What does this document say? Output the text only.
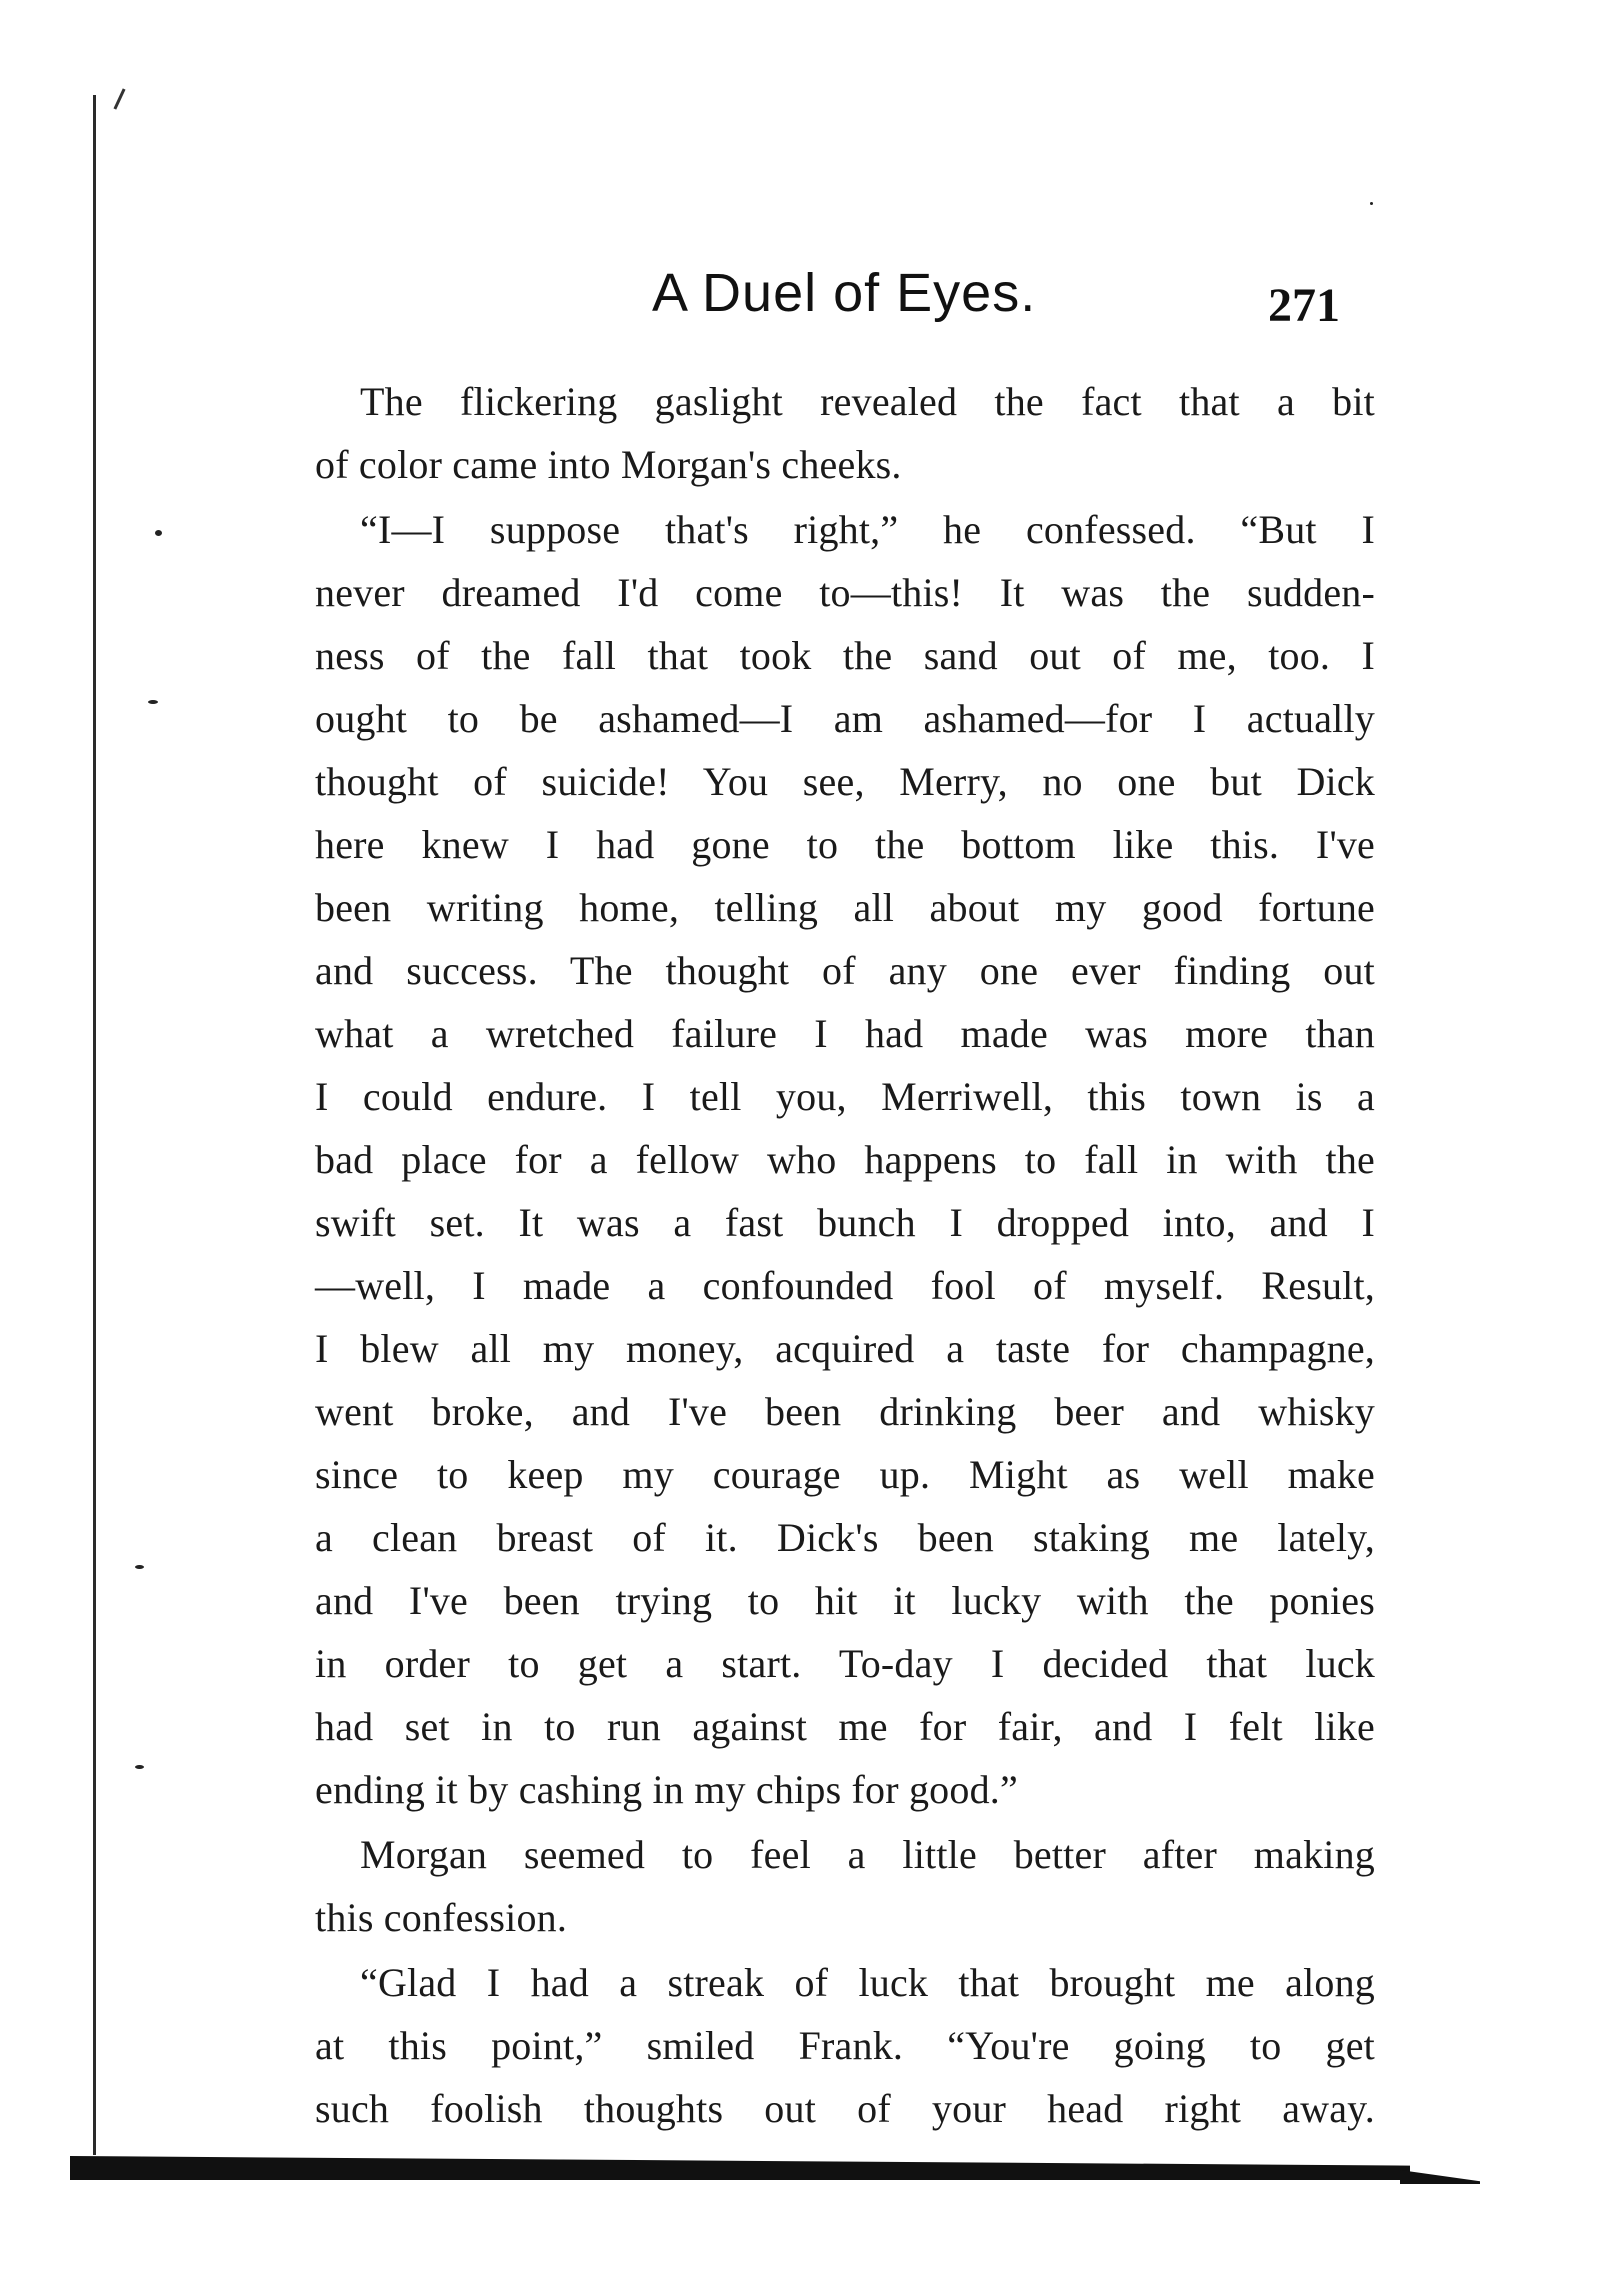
A Duel of Eyes.	271
The flickering gaslight revealed the fact that a bit
of color came into Morgan's cheeks.
“I—I suppose that's right,” he confessed. “But I
never dreamed I'd come to—this! It was the sudden-
ness of the fall that took the sand out of me, too. I
ought to be ashamed—I am ashamed—for I actually
thought of suicide! You see, Merry, no one but Dick
here knew I had gone to the bottom like this. I've
been writing home, telling all about my good fortune
and success. The thought of any one ever finding out
what a wretched failure I had made was more than
I could endure. I tell you, Merriwell, this town is a
bad place for a fellow who happens to fall in with the
swift set. It was a fast bunch I dropped into, and I
—well, I made a confounded fool of myself. Result,
I blew all my money, acquired a taste for champagne,
went broke, and I've been drinking beer and whisky
since to keep my courage up. Might as well make
a clean breast of it. Dick's been staking me lately,
and I've been trying to hit it lucky with the ponies
in order to get a start. To-day I decided that luck
had set in to run against me for fair, and I felt like
ending it by cashing in my chips for good.”
Morgan seemed to feel a little better after making
this confession.
“Glad I had a streak of luck that brought me along
at this point,” smiled Frank. “You're going to get
such foolish thoughts out of your head right away.
